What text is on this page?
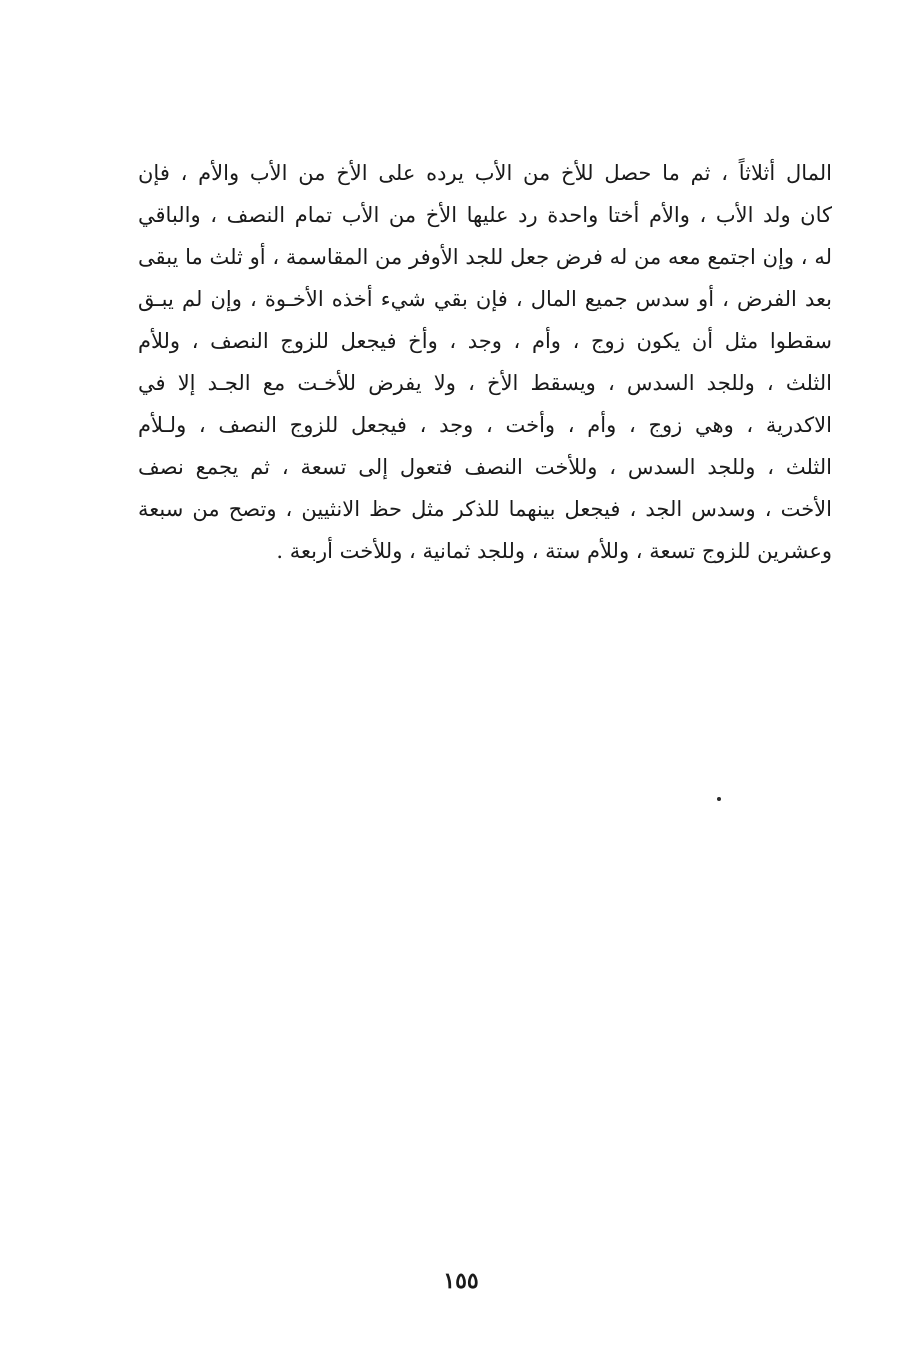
المال أثلاثاً ، ثم ما حصل للأخ من الأب يرده على الأخ من الأب والأم ، فإن
كان ولد الأب ، والأم أختا واحدة رد عليها الأخ من الأب تمام النصف ، والباقي
له ، وإن اجتمع معه من له فرض جعل للجد الأوفر من المقاسمة ، أو ثلث ما يبقى
بعد الفرض ، أو سدس جميع المال ، فإن بقي شيء أخذه الأخـوة ، وإن لم يبـق
سقطوا مثل أن يكون زوج ، وأم ، وجد ، وأخ فيجعل للزوج النصف ، وللأم
الثلث ، وللجد السدس ، ويسقط الأخ ، ولا يفرض للأخـت مع الجـد إلا في
الاكدرية ، وهي زوج ، وأم ، وأخت ، وجد ، فيجعل للزوج النصف ، ولـلأم
الثلث ، وللجد السدس ، وللأخت النصف فتعول إلى تسعة ، ثم يجمع نصف
الأخت ، وسدس الجد ، فيجعل بينهما للذكر مثل حظ الانثيين ، وتصح من سبعة
وعشرين للزوج تسعة ، وللأم ستة ، وللجد ثمانية ، وللأخت أربعة .
١٥٥
